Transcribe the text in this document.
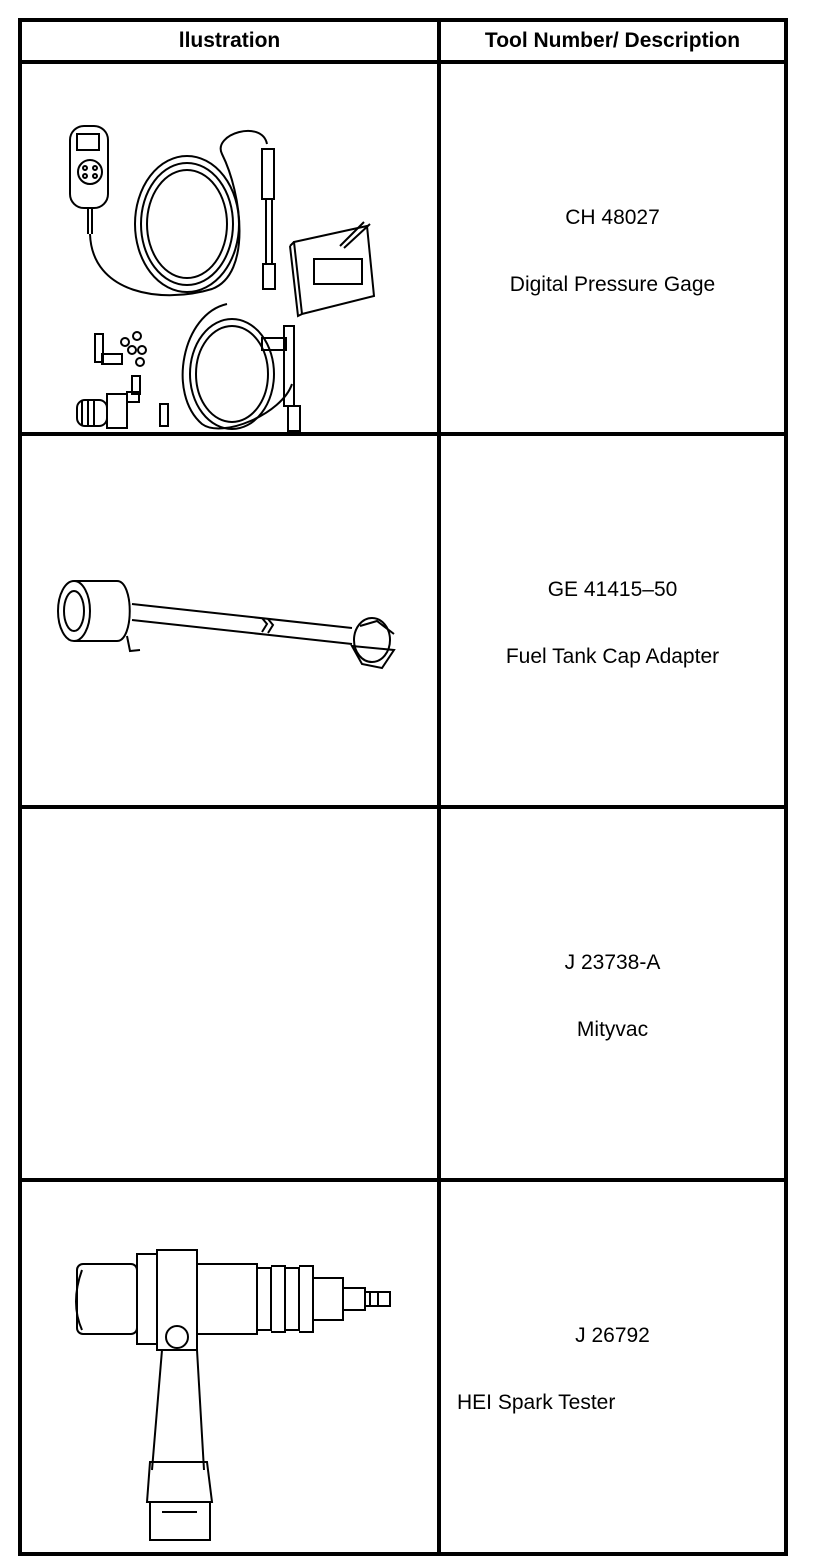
llustration	Tool Number/ Description
CH 48027
Digital Pressure Gage
GE 41415–50
Fuel Tank Cap Adapter
J 23738-A
Mityvac
J 26792
HEI Spark Tester
